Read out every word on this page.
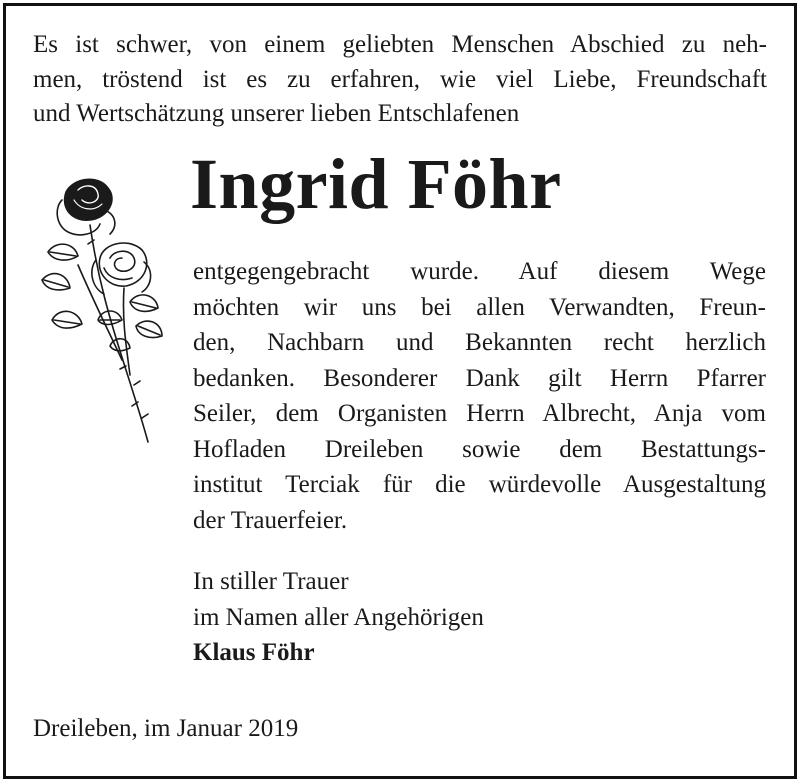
Es ist schwer, von einem geliebten Menschen Abschied zu neh-
men, tröstend ist es zu erfahren, wie viel Liebe, Freundschaft
und Wertschätzung unserer lieben Entschlafenen
Ingrid Föhr
entgegengebracht wurde. Auf diesem Wege
möchten wir uns bei allen Verwandten, Freun-
den, Nachbarn und Bekannten recht herzlich
bedanken. Besonderer Dank gilt Herrn Pfarrer
Seiler, dem Organisten Herrn Albrecht, Anja vom
Hofladen Dreileben sowie dem Bestattungs-
institut Terciak für die würdevolle Ausgestaltung
der Trauerfeier.
In stiller Trauer
im Namen aller Angehörigen
Klaus Föhr
Dreileben, im Januar 2019
